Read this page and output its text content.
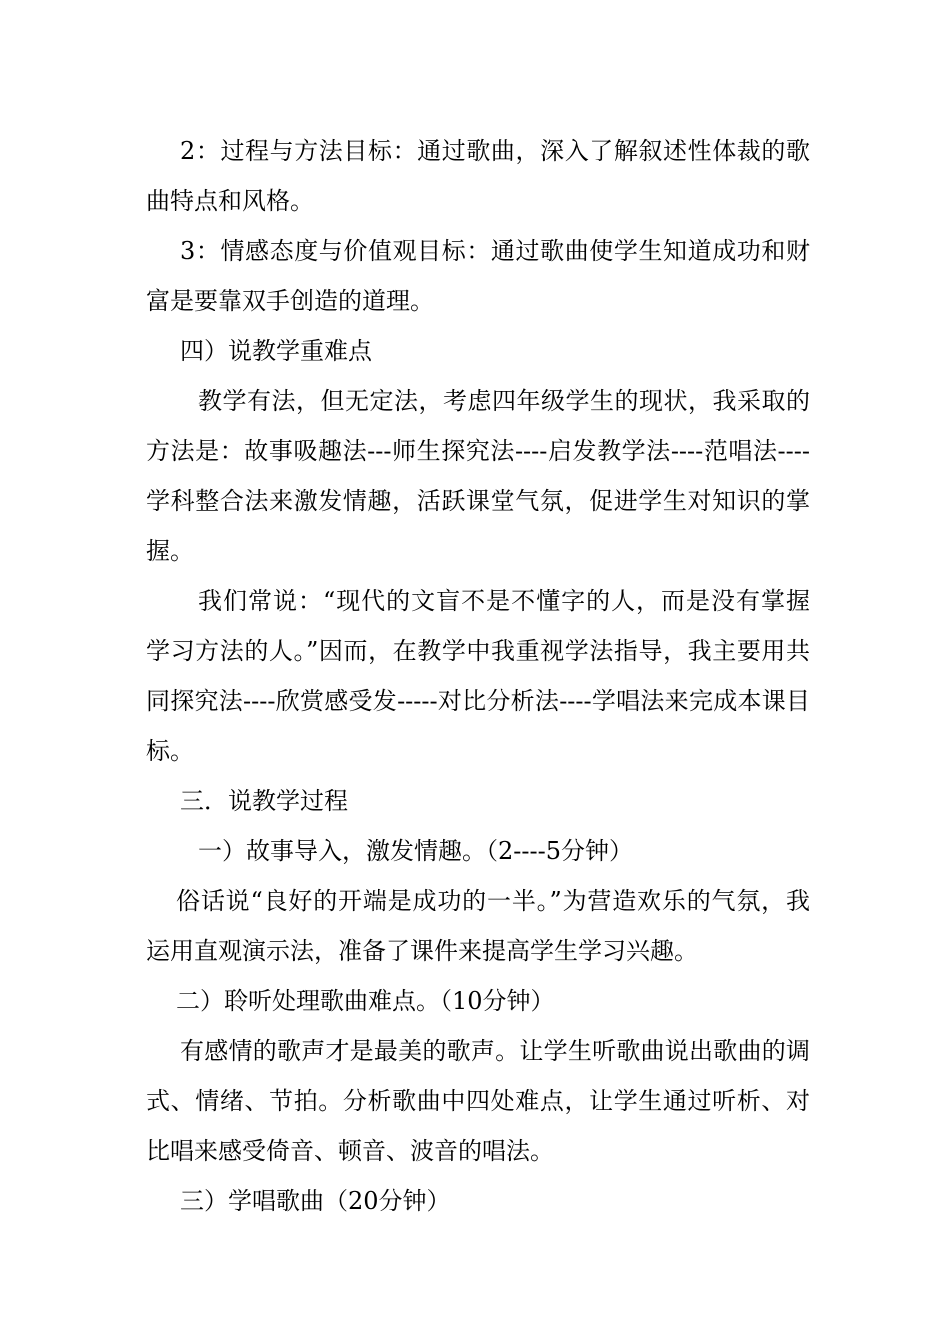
2：过程与方法目标：通过歌曲，深入了解叙述性体裁的歌曲特点和风格。

3：情感态度与价值观目标：通过歌曲使学生知道成功和财富是要靠双手创造的道理。

四）说教学重难点

教学有法，但无定法，考虑四年级学生的现状，我采取的方法是：故事吸趣法---师生探究法----启发教学法----范唱法----学科整合法来激发情趣，活跃课堂气氛，促进学生对知识的掌握。

我们常说：“现代的文盲不是不懂字的人，而是没有掌握学习方法的人。”因而，在教学中我重视学法指导，我主要用共同探究法----欣赏感受发-----对比分析法----学唱法来完成本课目标。

三．说教学过程

一）故事导入，激发情趣。（2----5分钟）

俗话说“良好的开端是成功的一半。”为营造欢乐的气氛，我运用直观演示法，准备了课件来提高学生学习兴趣。

二）聆听处理歌曲难点。（10分钟）

有感情的歌声才是最美的歌声。让学生听歌曲说出歌曲的调式、情绪、节拍。分析歌曲中四处难点，让学生通过听析、对比唱来感受倚音、顿音、波音的唱法。

三）学唱歌曲（20分钟）
